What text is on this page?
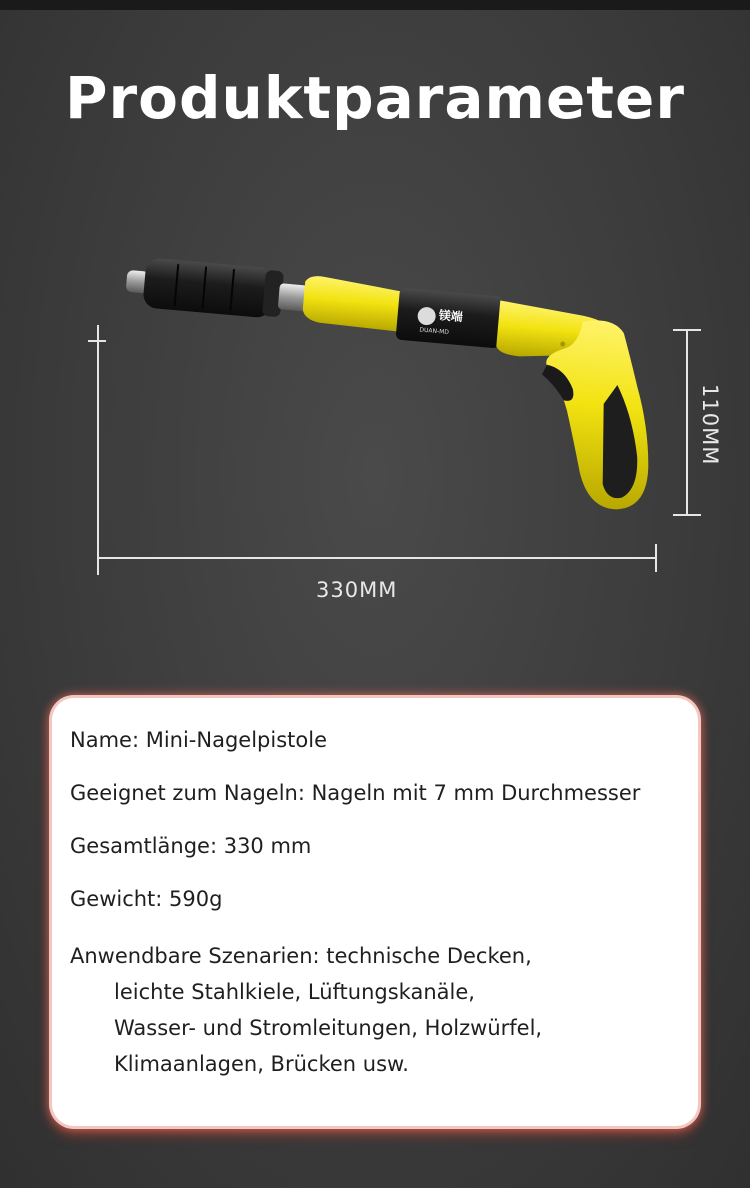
Produktparameter
330MM
110MM
镁端
DUAN-MD
Name: Mini-Nagelpistole
Geeignet zum Nageln: Nageln mit 7 mm Durchmesser
Gesamtlänge: 330 mm
Gewicht: 590g
Anwendbare Szenarien: technische Decken,
leichte Stahlkiele, Lüftungskanäle,
Wasser- und Stromleitungen, Holzwürfel,
Klimaanlagen, Brücken usw.
